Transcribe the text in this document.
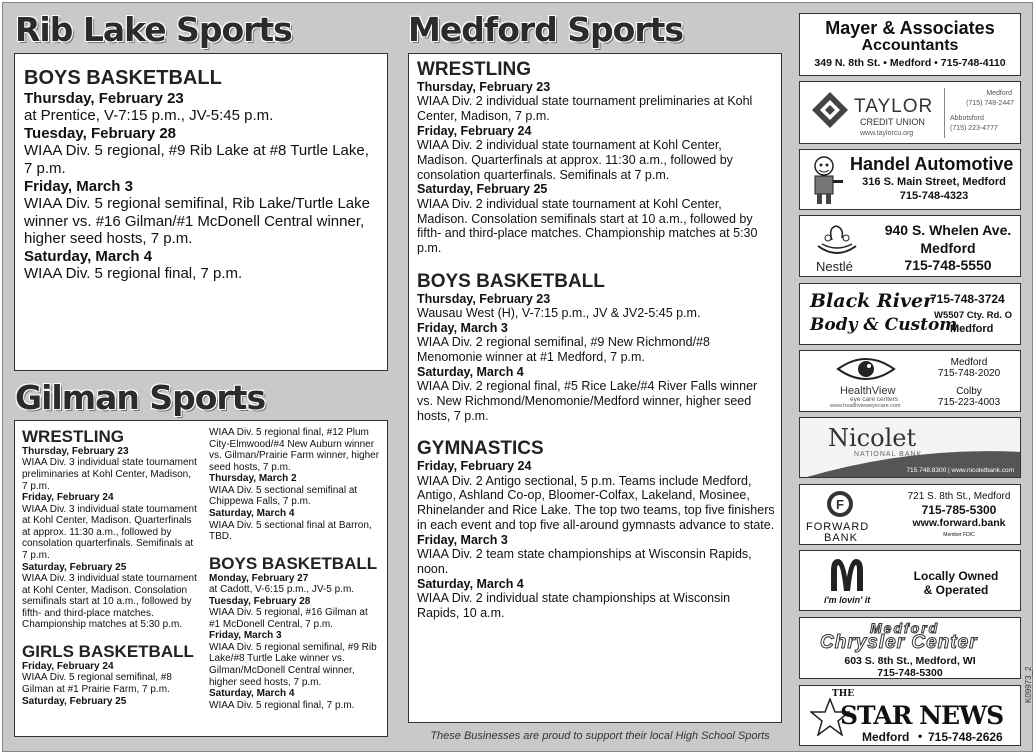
Rib Lake Sports
BOYS BASKETBALL
Thursday, February 23
at Prentice, V-7:15 p.m., JV-5:45 p.m.
Tuesday, February 28
WIAA Div. 5 regional, #9 Rib Lake at #8 Turtle Lake, 7 p.m.
Friday, March 3
WIAA Div. 5 regional semifinal, Rib Lake/Turtle Lake winner vs. #16 Gilman/#1 McDonell Central winner, higher seed hosts, 7 p.m.
Saturday, March 4
WIAA Div. 5 regional final, 7 p.m.
Gilman Sports
WRESTLING
Thursday, February 23
WIAA Div. 3 individual state tournament preliminaries at Kohl Center, Madison, 7 p.m.
Friday, February 24
WIAA Div. 3 individual state tournament at Kohl Center, Madison. Quarterfinals at approx. 11:30 a.m., followed by consolation quarterfinals. Semifinals at 7 p.m.
Saturday, February 25
WIAA Div. 3 individual state tournament at Kohl Center, Madison. Consolation semifinals start at 10 a.m., followed by fifth- and third-place matches. Championship matches at 5:30 p.m.
GIRLS BASKETBALL
Friday, February 24
WIAA Div. 5 regional semifinal, #8 Gilman at #1 Prairie Farm, 7 p.m.
Saturday, February 25
WIAA Div. 5 regional final, #12 Plum City-Elmwood/#4 New Auburn winner vs. Gilman/Prairie Farm winner, higher seed hosts, 7 p.m.
Thursday, March 2
WIAA Div. 5 sectional semifinal at Chippewa Falls, 7 p.m.
Saturday, March 4
WIAA Div. 5 sectional final at Barron, TBD.
BOYS BASKETBALL
Monday, February 27
at Cadott, V-6:15 p.m., JV-5 p.m.
Tuesday, February 28
WIAA Div. 5 regional, #16 Gilman at #1 McDonell Central, 7 p.m.
Friday, March 3
WIAA Div. 5 regional semifinal, #9 Rib Lake/#8 Turtle Lake winner vs. Gilman/McDonell Central winner, higher seed hosts, 7 p.m.
Saturday, March 4
WIAA Div. 5 regional final, 7 p.m.
Medford Sports
WRESTLING
Thursday, February 23
WIAA Div. 2 individual state tournament preliminaries at Kohl Center, Madison, 7 p.m.
Friday, February 24
WIAA Div. 2 individual state tournament at Kohl Center, Madison. Quarterfinals at approx. 11:30 a.m., followed by consolation quarterfinals. Semifinals at 7 p.m.
Saturday, February 25
WIAA Div. 2 individual state tournament at Kohl Center, Madison. Consolation semifinals start at 10 a.m., followed by fifth- and third-place matches. Championship matches at 5:30 p.m.
BOYS BASKETBALL
Thursday, February 23
Wausau West (H), V-7:15 p.m., JV & JV2-5:45 p.m.
Friday, March 3
WIAA Div. 2 regional semifinal, #9 New Richmond/#8 Menomonie winner at #1 Medford, 7 p.m.
Saturday, March 4
WIAA Div. 2 regional final, #5 Rice Lake/#4 River Falls winner vs. New Richmond/Menomonie/Medford winner, higher seed hosts, 7 p.m.
GYMNASTICS
Friday, February 24
WIAA Div. 2 Antigo sectional, 5 p.m. Teams include Medford, Antigo, Ashland Co-op, Bloomer-Colfax, Lakeland, Mosinee, Rhinelander and Rice Lake. The top two teams, top five finishers in each event and top five all-around gymnasts advance to state.
Friday, March 3
WIAA Div. 2 team state championships at Wisconsin Rapids, noon.
Saturday, March 4
WIAA Div. 2 individual state championships at Wisconsin Rapids, 10 a.m.
These Businesses are proud to support their local High School Sports
K09973_2
Mayer & Associates
Accountants
349 N. 8th St. • Medford • 715-748-4110
TAYLOR
CREDIT UNION
www.taylorcu.org
Medford
(715) 748-2447
Abbotsford
(715) 223-4777
Handel Automotive
316 S. Main Street, Medford
715-748-4323
Nestlé
940 S. Whelen Ave.
Medford
715-748-5550
Black River
Body & Custom
715-748-3724
W5507 Cty. Rd. O
Medford
HealthView
eye care centers
www.healthvieweyecare.com
Medford
715-748-2020
Colby
715-223-4003
Nicolet
NATIONAL BANK
715.748.8300 | www.nicoletbank.com
F
FORWARD
BANK
721 S. 8th St., Medford
715-785-5300
www.forward.bank
Member FDIC
i'm lovin' it
Locally Owned
& Operated
Medford
Chrysler Center
603 S. 8th St., Medford, WI
715-748-5300
THE
STAR NEWS
Medford • 715-748-2626
